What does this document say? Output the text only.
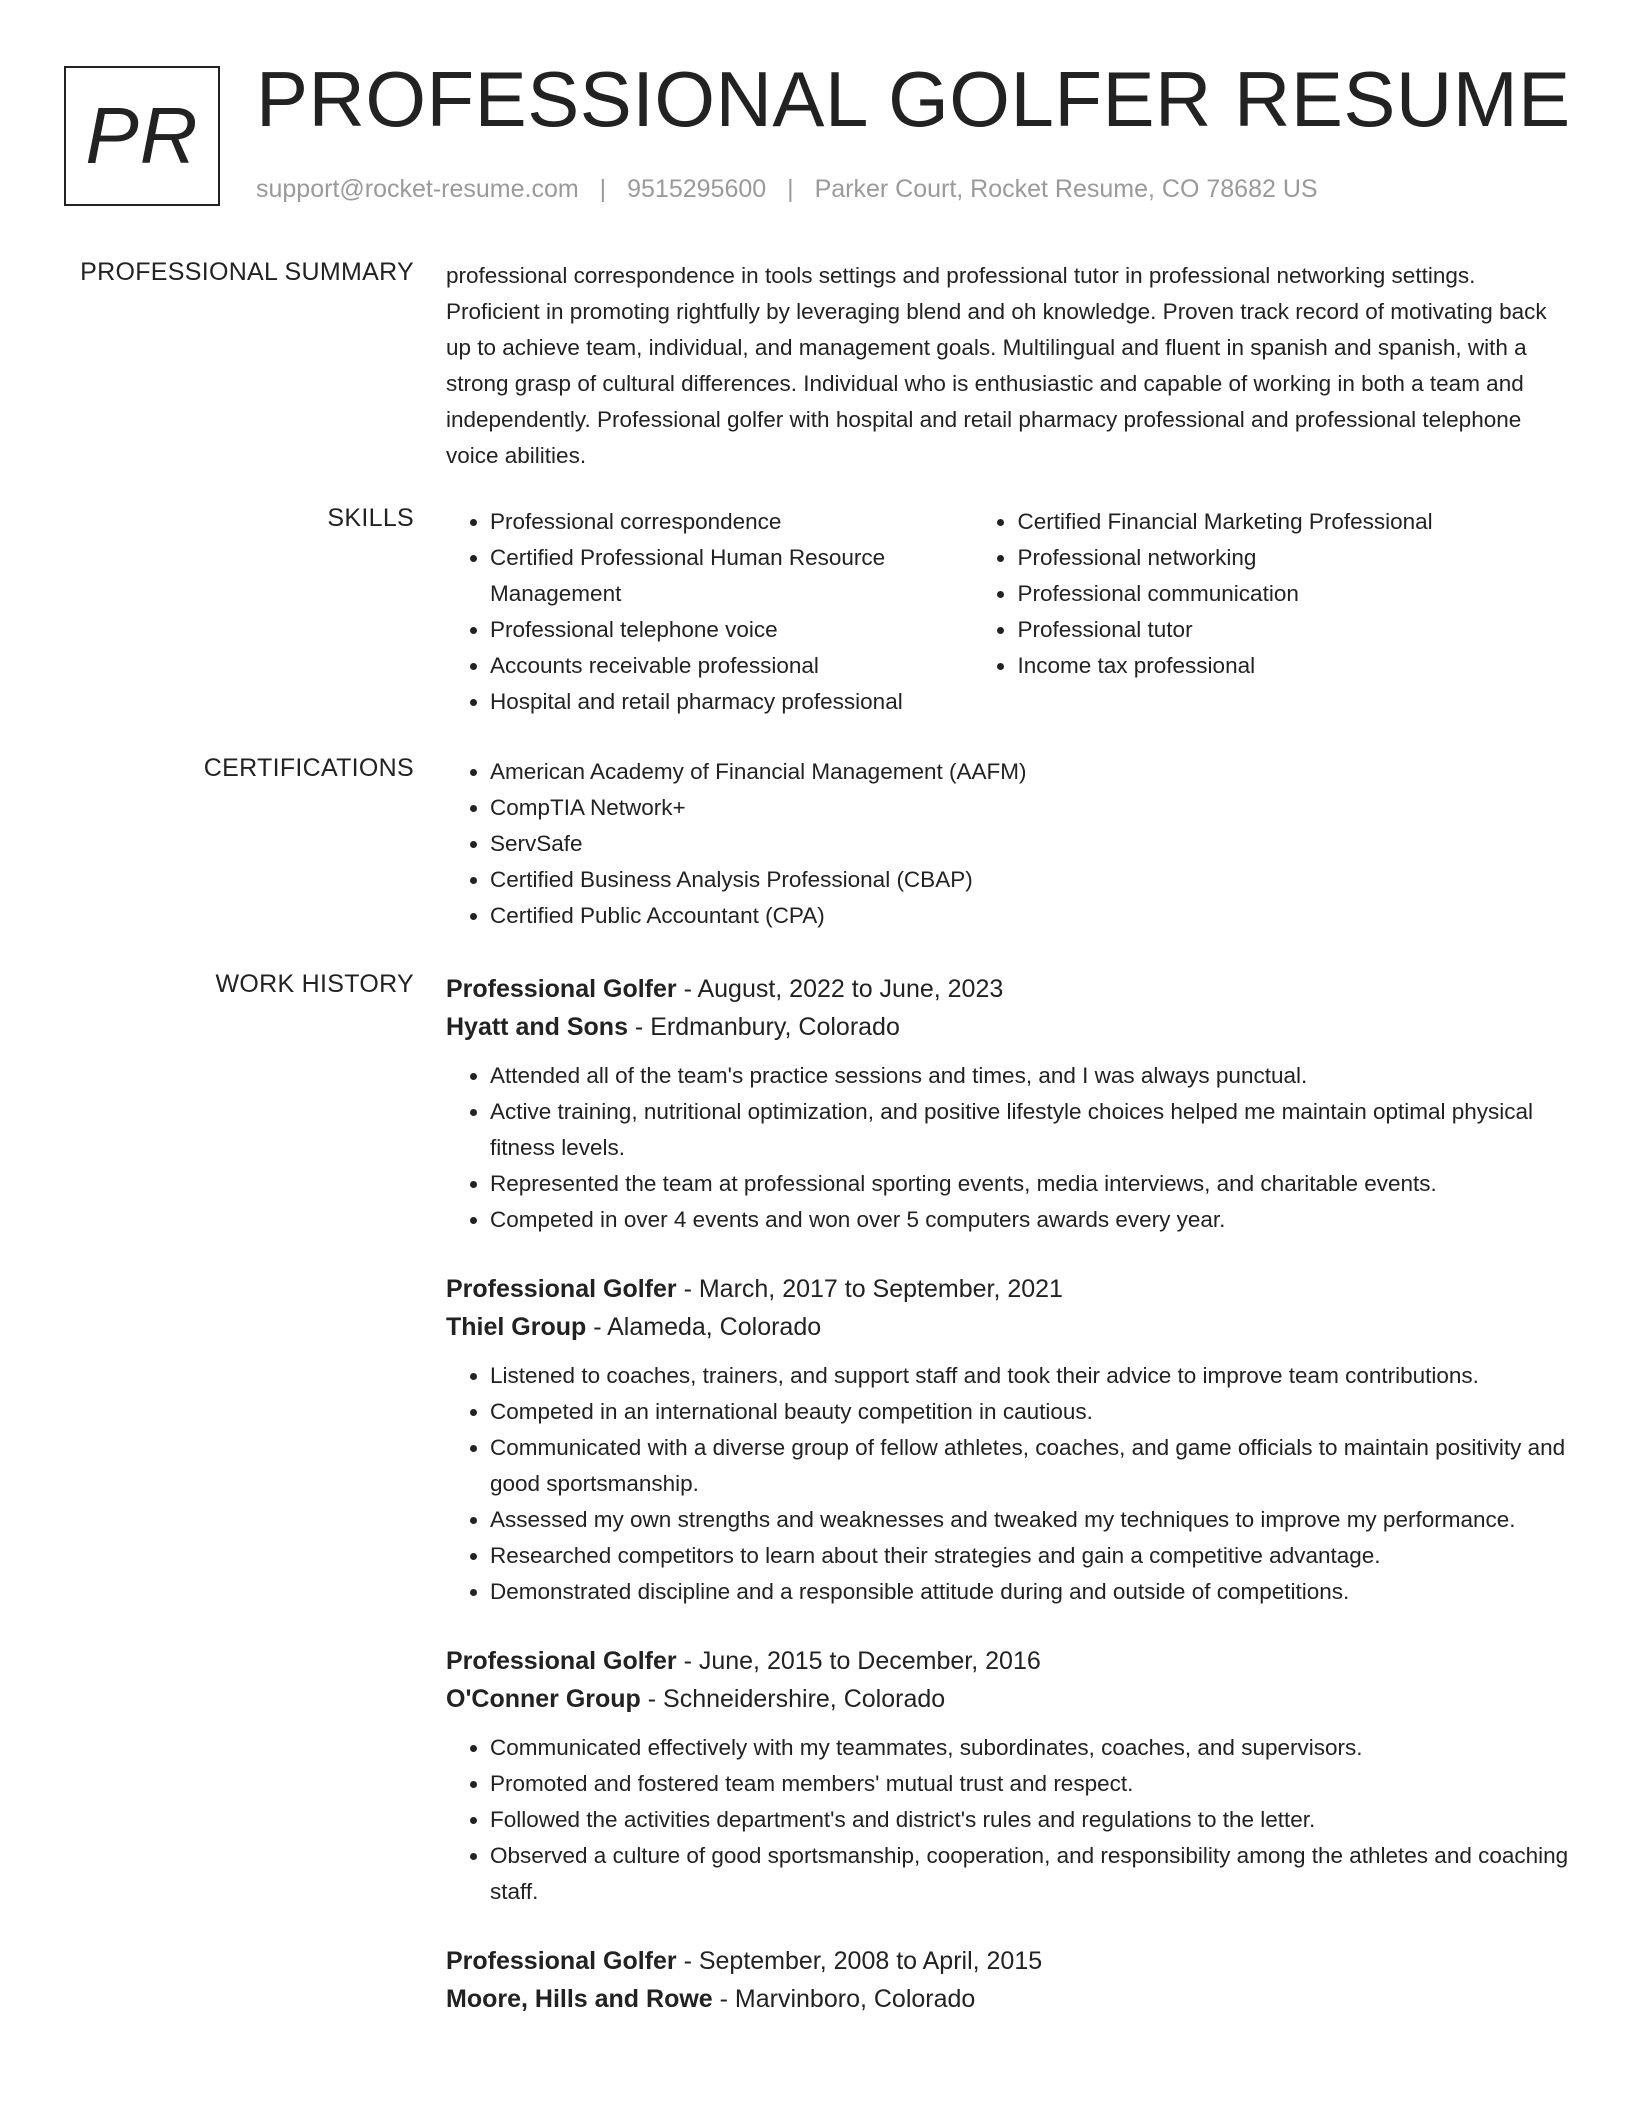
PR PROFESSIONAL GOLFER RESUME
support@rocket-resume.com | 9515295600 | Parker Court, Rocket Resume, CO 78682 US
PROFESSIONAL SUMMARY professional correspondence in tools settings and professional tutor in professional networking settings. Proficient in promoting rightfully by leveraging blend and oh knowledge. Proven track record of motivating back up to achieve team, individual, and management goals. Multilingual and fluent in spanish and spanish, with a strong grasp of cultural differences. Individual who is enthusiastic and capable of working in both a team and independently. Professional golfer with hospital and retail pharmacy professional and professional telephone voice abilities.

SKILLS	• Professional correspondence
• Certified Professional Human Resource Management
• Professional telephone voice
• Accounts receivable professional
• Hospital and retail pharmacy professional
• Certified Financial Marketing Professional
• Professional networking
• Professional communication
• Professional tutor
• Income tax professional
CERTIFICATIONS	• American Academy of Financial Management (AAFM)
• CompTIA Network+
• ServSafe
• Certified Business Analysis Professional (CBAP)
• Certified Public Accountant (CPA)
WORK HISTORY Professional Golfer - August, 2022 to June, 2023
Hyatt and Sons - Erdmanbury, Colorado
• Attended all of the team's practice sessions and times, and I was always punctual.
• Active training, nutritional optimization, and positive lifestyle choices helped me maintain optimal physical fitness levels.
• Represented the team at professional sporting events, media interviews, and charitable events.
• Competed in over 4 events and won over 5 computers awards every year.
Professional Golfer - March, 2017 to September, 2021
Thiel Group - Alameda, Colorado
• Listened to coaches, trainers, and support staff and took their advice to improve team contributions.
• Competed in an international beauty competition in cautious.
• Communicated with a diverse group of fellow athletes, coaches, and game officials to maintain positivity and good sportsmanship.
• Assessed my own strengths and weaknesses and tweaked my techniques to improve my performance.
• Researched competitors to learn about their strategies and gain a competitive advantage.
• Demonstrated discipline and a responsible attitude during and outside of competitions.
Professional Golfer - June, 2015 to December, 2016
O'Conner Group - Schneidershire, Colorado
• Communicated effectively with my teammates, subordinates, coaches, and supervisors.
• Promoted and fostered team members' mutual trust and respect.
• Followed the activities department's and district's rules and regulations to the letter.
• Observed a culture of good sportsmanship, cooperation, and responsibility among the athletes and coaching staff.
Professional Golfer - September, 2008 to April, 2015
Moore, Hills and Rowe - Marvinboro, Colorado
